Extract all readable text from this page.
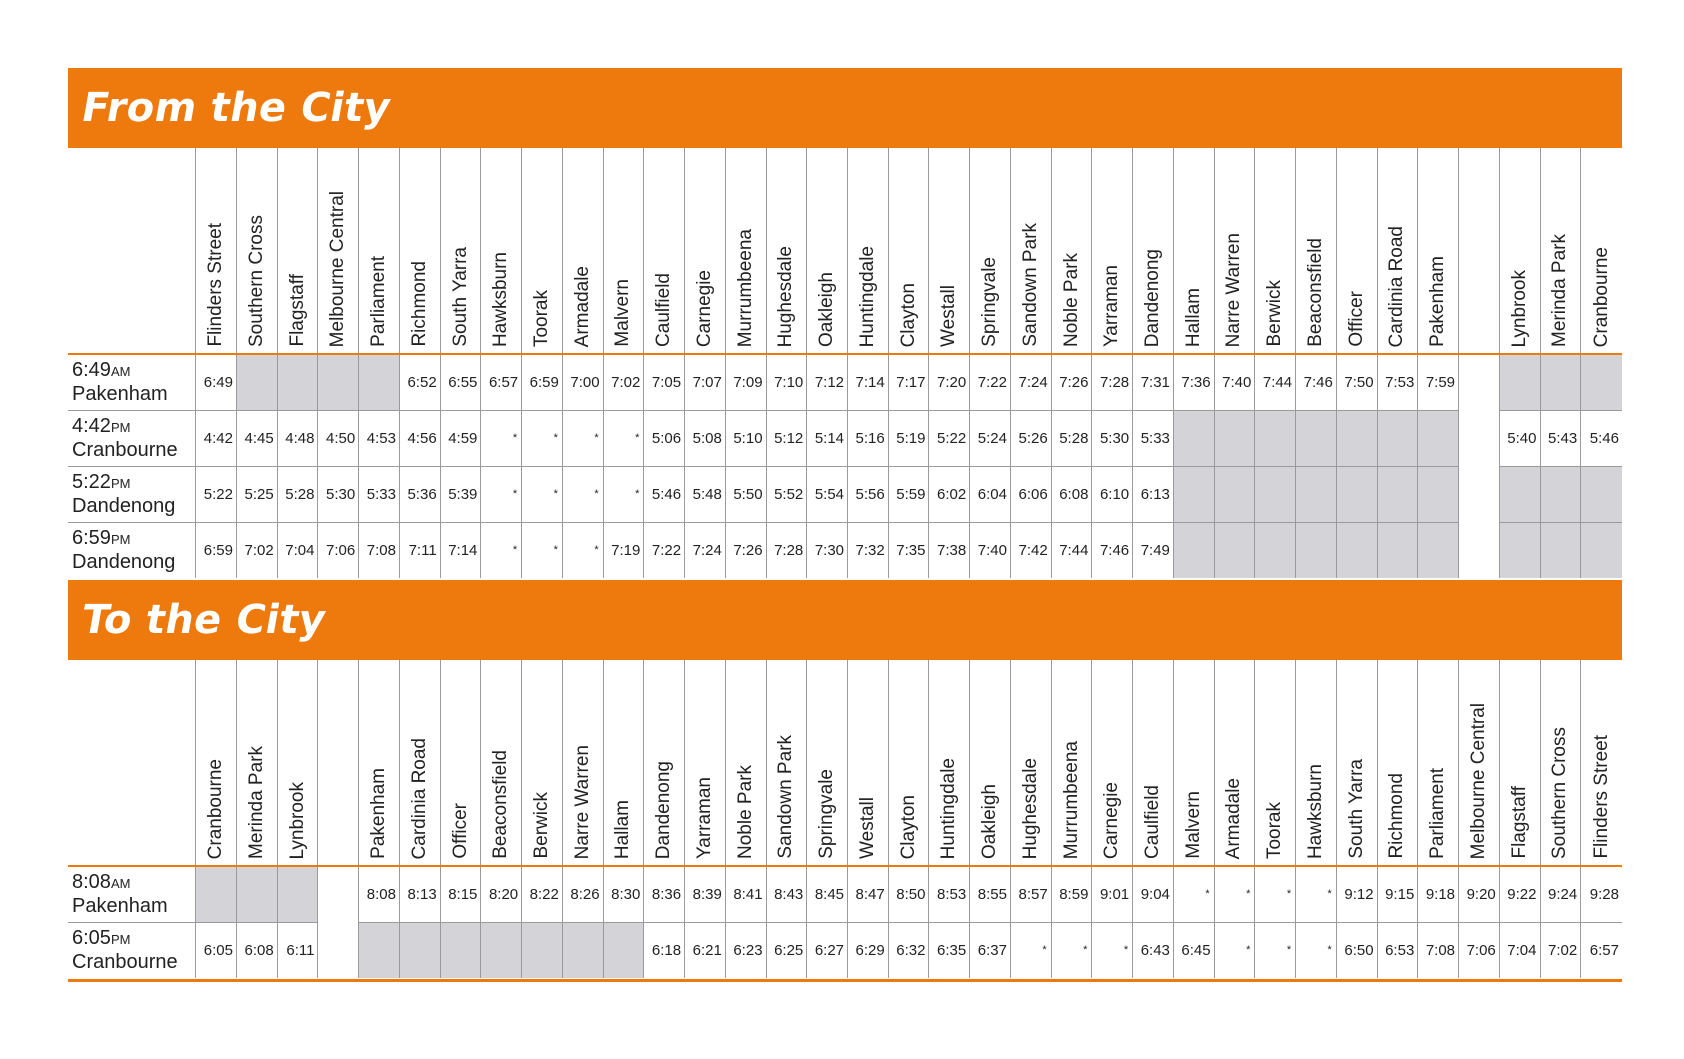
From the City

	Flinders Street	Southern Cross	Flagstaff	Melbourne Central	Parliament	Richmond	South Yarra	Hawksburn	Toorak	Armadale	Malvern	Caulfield	Carnegie	Murrumbeena	Hughesdale	Oakleigh	Huntingdale	Clayton	Westall	Springvale	Sandown Park	Noble Park	Yarraman	Dandenong	Hallam	Narre Warren	Berwick	Beaconsfield	Officer	Cardinia Road	Pakenham		Lynbrook	Merinda Park	Cranbourne

6:49AM
Pakenham	6:49					6:52	6:55	6:57	6:59	7:00	7:02	7:05	7:07	7:09	7:10	7:12	7:14	7:17	7:20	7:22	7:24	7:26	7:28	7:31	7:36	7:40	7:44	7:46	7:50	7:53	7:59				
4:42PM
Cranbourne	4:42	4:45	4:48	4:50	4:53	4:56	4:59	*	*	*	*	5:06	5:08	5:10	5:12	5:14	5:16	5:19	5:22	5:24	5:26	5:28	5:30	5:33									5:40	5:43	5:46
5:22PM
Dandenong	5:22	5:25	5:28	5:30	5:33	5:36	5:39	*	*	*	*	5:46	5:48	5:50	5:52	5:54	5:56	5:59	6:02	6:04	6:06	6:08	6:10	6:13											
6:59PM
Dandenong	6:59	7:02	7:04	7:06	7:08	7:11	7:14	*	*	*	7:19	7:22	7:24	7:26	7:28	7:30	7:32	7:35	7:38	7:40	7:42	7:44	7:46	7:49											
To the City

	Cranbourne	Merinda Park	Lynbrook		Pakenham	Cardinia Road	Officer	Beaconsfield	Berwick	Narre Warren	Hallam	Dandenong	Yarraman	Noble Park	Sandown Park	Springvale	Westall	Clayton	Huntingdale	Oakleigh	Hughesdale	Murrumbeena	Carnegie	Caulfield	Malvern	Armadale	Toorak	Hawksburn	South Yarra	Richmond	Parliament	Melbourne Central	Flagstaff	Southern Cross	Flinders Street

8:08AM
Pakenham					8:08	8:13	8:15	8:20	8:22	8:26	8:30	8:36	8:39	8:41	8:43	8:45	8:47	8:50	8:53	8:55	8:57	8:59	9:01	9:04	*	*	*	*	9:12	9:15	9:18	9:20	9:22	9:24	9:28
6:05PM
Cranbourne	6:05	6:08	6:11									6:18	6:21	6:23	6:25	6:27	6:29	6:32	6:35	6:37	*	*	*	6:43	6:45	*	*	*	6:50	6:53	7:08	7:06	7:04	7:02	6:57
